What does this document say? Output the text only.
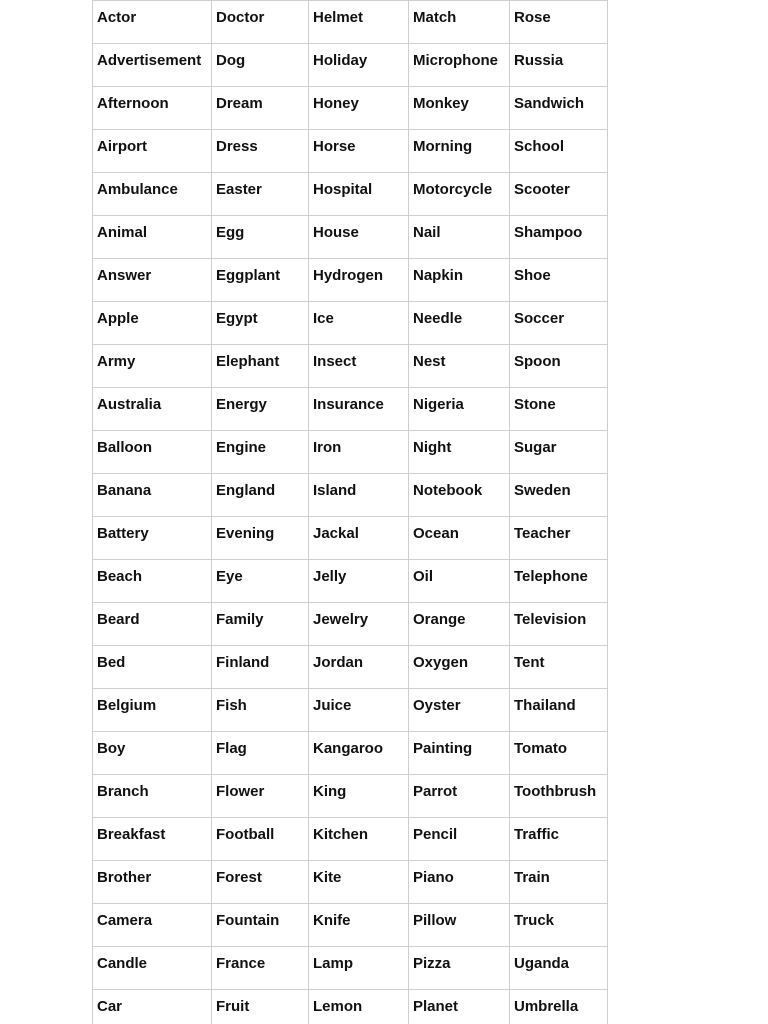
Actor	Doctor	Helmet	Match	Rose
Advertisement	Dog	Holiday	Microphone	Russia
Afternoon	Dream	Honey	Monkey	Sandwich
Airport	Dress	Horse	Morning	School
Ambulance	Easter	Hospital	Motorcycle	Scooter
Animal	Egg	House	Nail	Shampoo
Answer	Eggplant	Hydrogen	Napkin	Shoe
Apple	Egypt	Ice	Needle	Soccer
Army	Elephant	Insect	Nest	Spoon
Australia	Energy	Insurance	Nigeria	Stone
Balloon	Engine	Iron	Night	Sugar
Banana	England	Island	Notebook	Sweden
Battery	Evening	Jackal	Ocean	Teacher
Beach	Eye	Jelly	Oil	Telephone
Beard	Family	Jewelry	Orange	Television
Bed	Finland	Jordan	Oxygen	Tent
Belgium	Fish	Juice	Oyster	Thailand
Boy	Flag	Kangaroo	Painting	Tomato
Branch	Flower	King	Parrot	Toothbrush
Breakfast	Football	Kitchen	Pencil	Traffic
Brother	Forest	Kite	Piano	Train
Camera	Fountain	Knife	Pillow	Truck
Candle	France	Lamp	Pizza	Uganda
Car	Fruit	Lemon	Planet	Umbrella
